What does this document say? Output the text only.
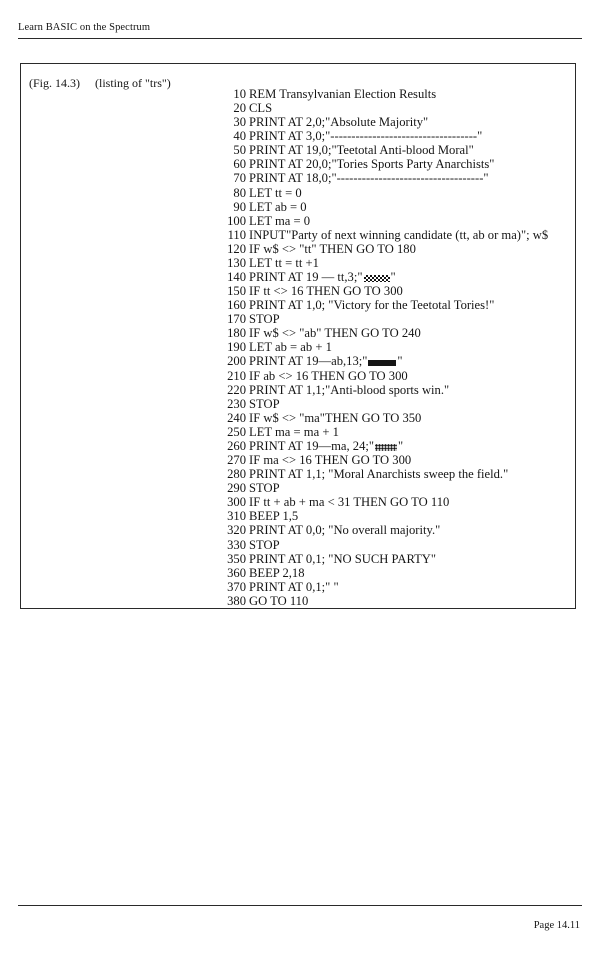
Learn BASIC on the Spectrum
(Fig. 14.3) (listing of "trs")
10 REM Transylvanian Election Results
20 CLS
30 PRINT AT 2,0;"Absolute Majority"
40 PRINT AT 3,0;"-----------------------------------"
50 PRINT AT 19,0;"Teetotal Anti-blood Moral"
60 PRINT AT 20,0;"Tories Sports Party Anarchists"
70 PRINT AT 18,0;"-----------------------------------"
80 LET tt = 0
90 LET ab = 0
100 LET ma = 0
110 INPUT"Party of next winning candidate (tt, ab or ma)"; w$
120 IF w$ <> "tt" THEN GO TO 180
130 LET tt = tt +1
140 PRINT AT 19 — tt,3;" "
150 IF tt <> 16 THEN GO TO 300
160 PRINT AT 1,0; "Victory for the Teetotal Tories!"
170 STOP
180 IF w$ <> "ab" THEN GO TO 240
190 LET ab = ab + 1
200 PRINT AT 19—ab,13;" "
210 IF ab <> 16 THEN GO TO 300
220 PRINT AT 1,1;"Anti-blood sports win."
230 STOP
240 IF w$ <> "ma"THEN GO TO 350
250 LET ma = ma + 1
260 PRINT AT 19—ma, 24;" "
270 IF ma <> 16 THEN GO TO 300
280 PRINT AT 1,1; "Moral Anarchists sweep the field."
290 STOP
300 IF tt + ab + ma < 31 THEN GO TO 110
310 BEEP 1,5
320 PRINT AT 0,0; "No overall majority."
330 STOP
350 PRINT AT 0,1; "NO SUCH PARTY"
360 BEEP 2,18
370 PRINT AT 0,1;" "
380 GO TO 110
Page 14.11
